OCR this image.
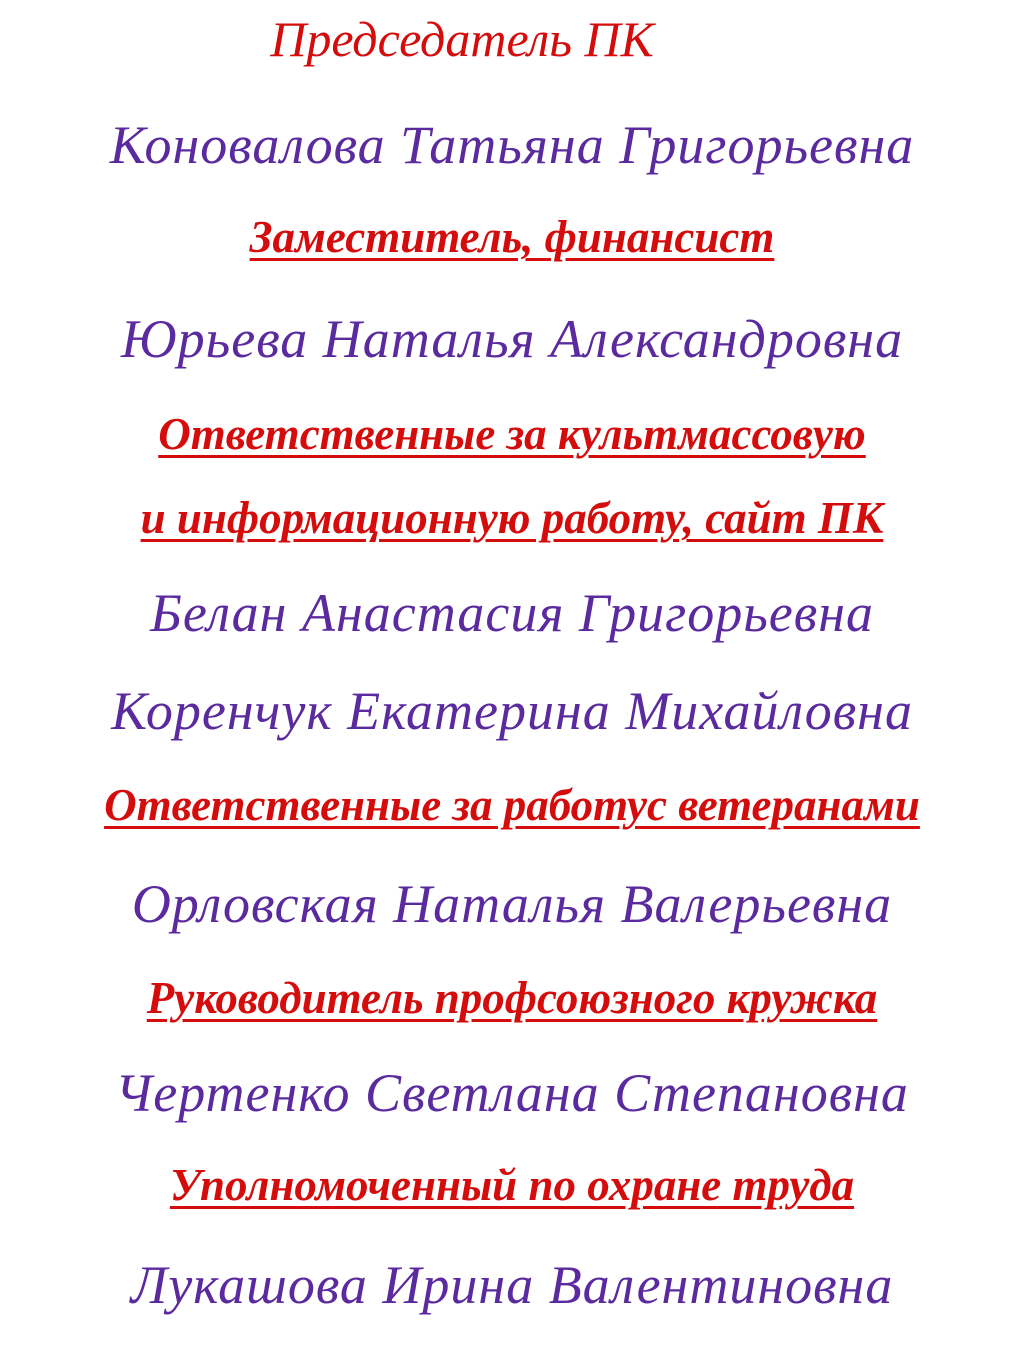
Председатель ПК
Коновалова Татьяна Григорьевна
Заместитель, финансист
Юрьева Наталья Александровна
Ответственные за культмассовую
и информационную работу, сайт ПК
Белан Анастасия Григорьевна
Коренчук Екатерина Михайловна
Ответственные за работус ветеранами
Орловская Наталья Валерьевна
Руководитель профсоюзного кружка
Чертенко Светлана Степановна
Уполномоченный по охране труда
Лукашова Ирина Валентиновна
